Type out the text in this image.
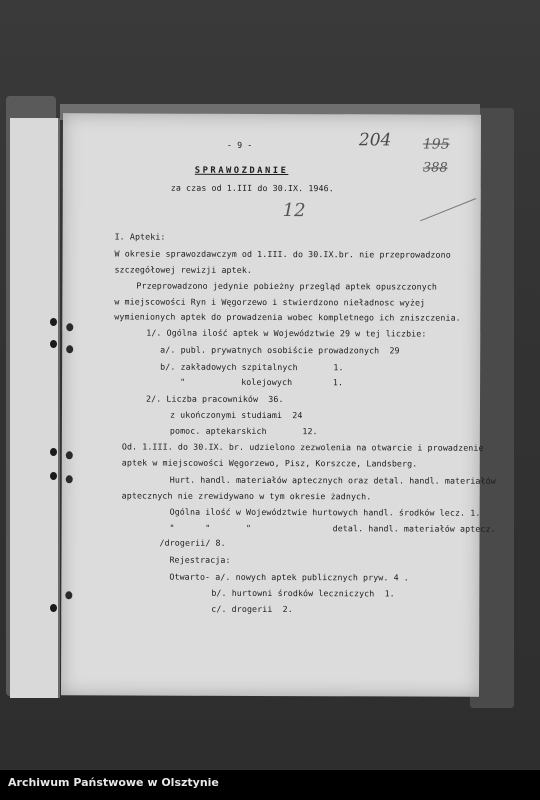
204 195
388
12
- 9 -
SPRAWOZDANIE
za czas od 1.III do 30.IX. 1946.
I. Apteki:
W okresie sprawozdawczym od 1.III. do 30.IX.br. nie przeprowadzono
szczegółowej rewizji aptek.
Przeprowadzono jedynie pobieżny przegląd aptek opuszczonych
w miejscowości Ryn i Węgorzewo i stwierdzono nieładnosc wyżej
wymienionych aptek do prowadzenia wobec kompletnego ich zniszczenia.
1/. Ogólna ilość aptek w Województwie 29 w tej liczbie:
a/. publ. prywatnych osobiście prowadzonych  29
b/. zakładowych szpitalnych       1.
"           kolejowych        1.
2/. Liczba pracowników  36.
z ukończonymi studiami  24
pomoc. aptekarskich       12.
Od. 1.III. do 30.IX. br. udzielono zezwolenia na otwarcie i prowadzenie
aptek w miejscowości Węgorzewo, Pisz, Korszcze, Landsberg.
Hurt. handl. materiałów aptecznych oraz detal. handl. materiałów
aptecznych nie zrewidywano w tym okresie żadnych.
Ogólna ilość w Województwie hurtowych handl. środków lecz. 1.
"      "       "                detal. handl. materiałów aptecz.
/drogerii/ 8.
Rejestracja:
Otwarto- a/. nowych aptek publicznych pryw. 4 .
b/. hurtowni środków leczniczych  1.
c/. drogerii  2.
Archiwum Państwowe w Olsztynie
